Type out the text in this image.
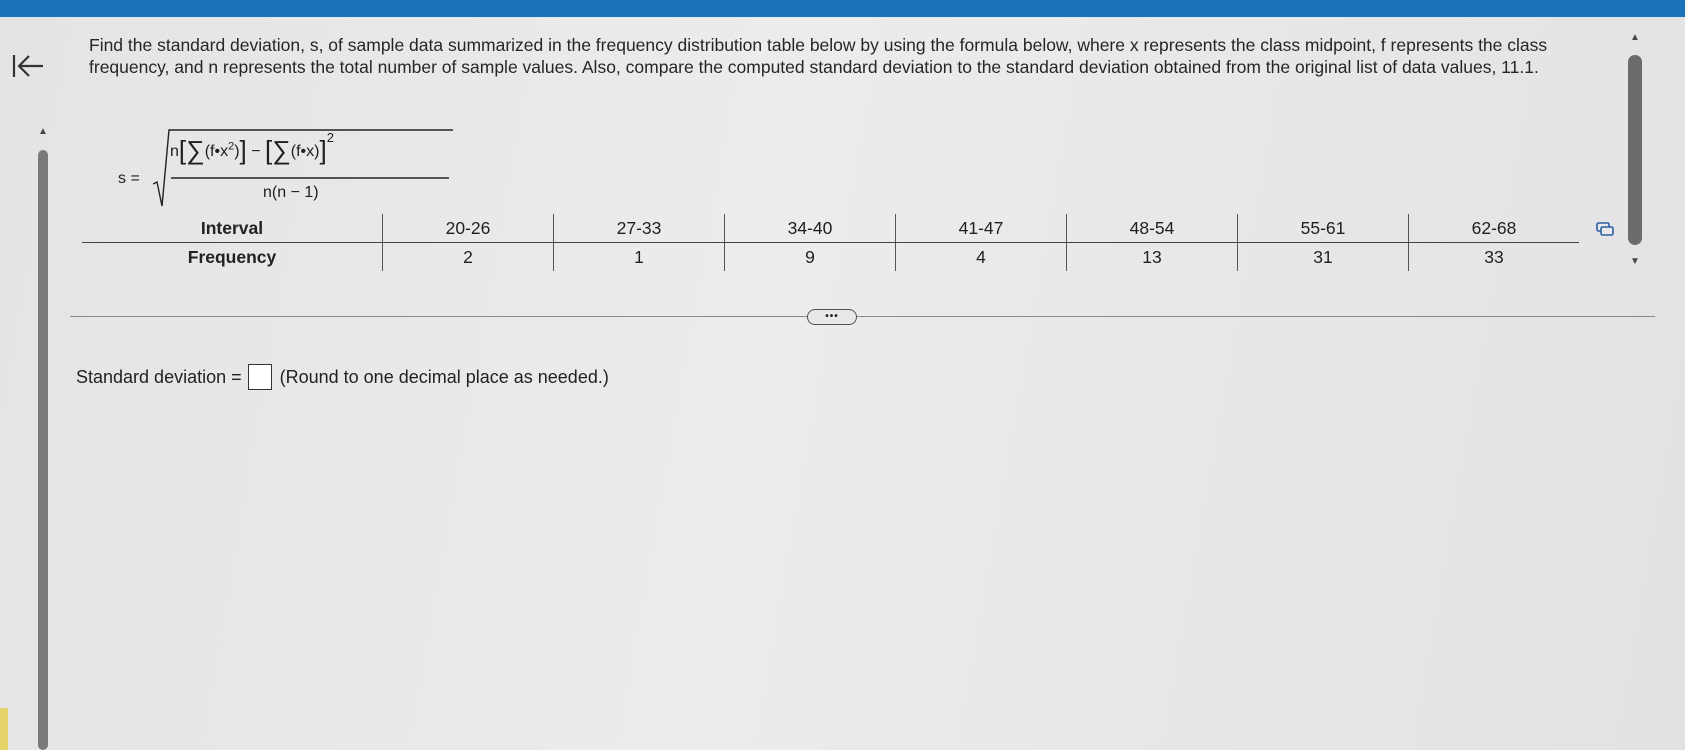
▲
Find the standard deviation, s, of sample data summarized in the frequency distribution table below by using the formula below, where x represents the class midpoint, f represents the class frequency, and n represents the total number of sample values. Also, compare the computed standard deviation to the standard deviation obtained from the original list of data values, 11.1.
s =
$n[\sum(f•x^2)]$ − [∑(f•x)]$^2$
n(n − 1)
Interval	20-26	27-33	34-40	41-47	48-54	55-61	62-68
Frequency	2	1	9	4	13	31	33
▲
▼
•••
Standard deviation = (Round to one decimal place as needed.)
